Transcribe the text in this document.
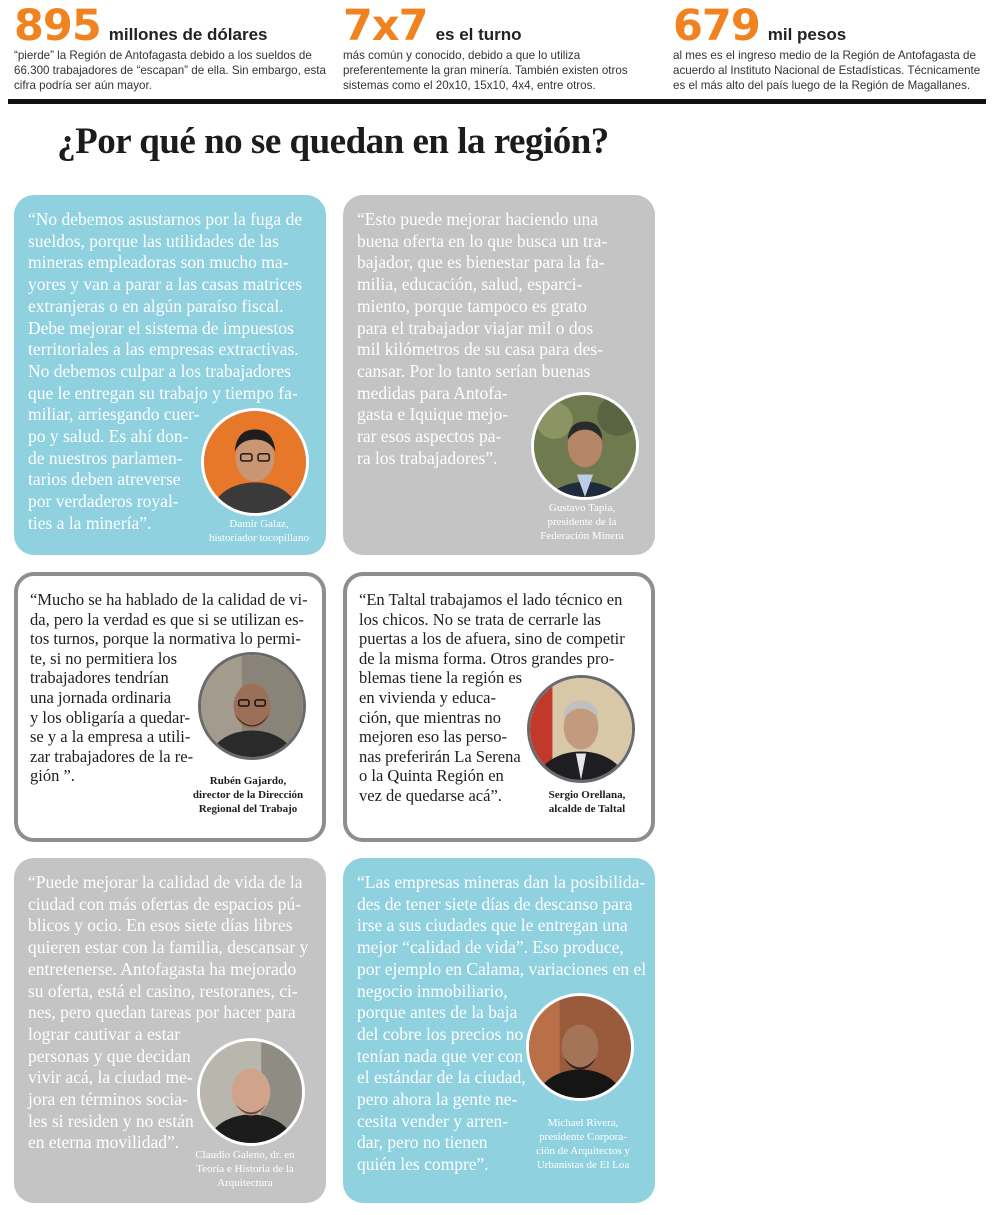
895 millones de dólares
“pierde” la Región de Antofagasta debido a los sueldos de 66.300 trabajadores de “escapan” de ella. Sin embargo, esta cifra podría ser aún mayor.
7x7 es el turno
más común y conocido, debido a que lo utiliza preferentemente la gran minería. También existen otros sistemas como el 20x10, 15x10, 4x4, entre otros.
679 mil pesos
al mes es el ingreso medio de la Región de Antofagasta de acuerdo al Instituto Nacional de Estadísticas. Técnicamente es el más alto del país luego de la Región de Magallanes.
¿Por qué no se quedan en la región?
“No debemos asustarnos por la fuga de
sueldos, porque las utilidades de las
mineras empleadoras son mucho ma-
yores y van a parar a las casas matrices
extranjeras o en algún paraíso fiscal.
Debe mejorar el sistema de impuestos
territoriales a las empresas extractivas.
No debemos culpar a los trabajadores
que le entregan su trabajo y tiempo fa-
miliar, arriesgando cuer-
po y salud. Es ahí don-
de nuestros parlamen-
tarios deben atreverse
por verdaderos royal-
ties a la minería”.	Damir Galaz,
historiador tocopillano
“Esto puede mejorar haciendo una
buena oferta en lo que busca un tra-
bajador, que es bienestar para la fa-
milia, educación, salud, esparci-
miento, porque tampoco es grato
para el trabajador viajar mil o dos
mil kilómetros de su casa para des-
cansar. Por lo tanto serían buenas
medidas para Antofa-
gasta e Iquique mejo-
rar esos aspectos pa-
ra los trabajadores”.
Gustavo Tapia,
presidente de la
Federación Minera
“Mucho se ha hablado de la calidad de vi-
da, pero la verdad es que si se utilizan es-
tos turnos, porque la normativa lo permi-
te, si no permitiera los
trabajadores tendrían
una jornada ordinaria
y los obligaría a quedar-
se y a la empresa a utili-
zar trabajadores de la re-
gión ”.	Rubén Gajardo,
director de la Dirección
Regional del Trabajo
“En Taltal trabajamos el lado técnico en
los chicos. No se trata de cerrarle las
puertas a los de afuera, sino de competir
de la misma forma. Otros grandes pro-
blemas tiene la región es
en vivienda y educa-
ción, que mientras no
mejoren eso las perso-
nas preferirán La Serena
o la Quinta Región en
vez de quedarse acá”.	Sergio Orellana,
alcalde de Taltal
“Puede mejorar la calidad de vida de la
ciudad con más ofertas de espacios pú-
blicos y ocio. En esos siete días libres
quieren estar con la familia, descansar y
entretenerse. Antofagasta ha mejorado
su oferta, está el casino, restoranes, ci-
nes, pero quedan tareas por hacer para
lograr cautivar a estar
personas y que decidan
vivir acá, la ciudad me-
jora en términos socia-
les si residen y no están
en eterna movilidad”.
Claudio Galeno, dr. en
Teoría e Historia de la
Arquitectura
“Las empresas mineras dan la posibilida-
des de tener siete días de descanso para
irse a sus ciudades que le entregan una
mejor “calidad de vida”. Eso produce,
por ejemplo en Calama, variaciones en el
negocio inmobiliario,
porque antes de la baja
del cobre los precios no
tenían nada que ver con
el estándar de la ciudad,
pero ahora la gente ne-
cesita vender y arren-
dar, pero no tienen
quién les compre”.
Michael Rivera,
presidente Corpora-
ción de Arquitectos y
Urbanistas de El Loa
